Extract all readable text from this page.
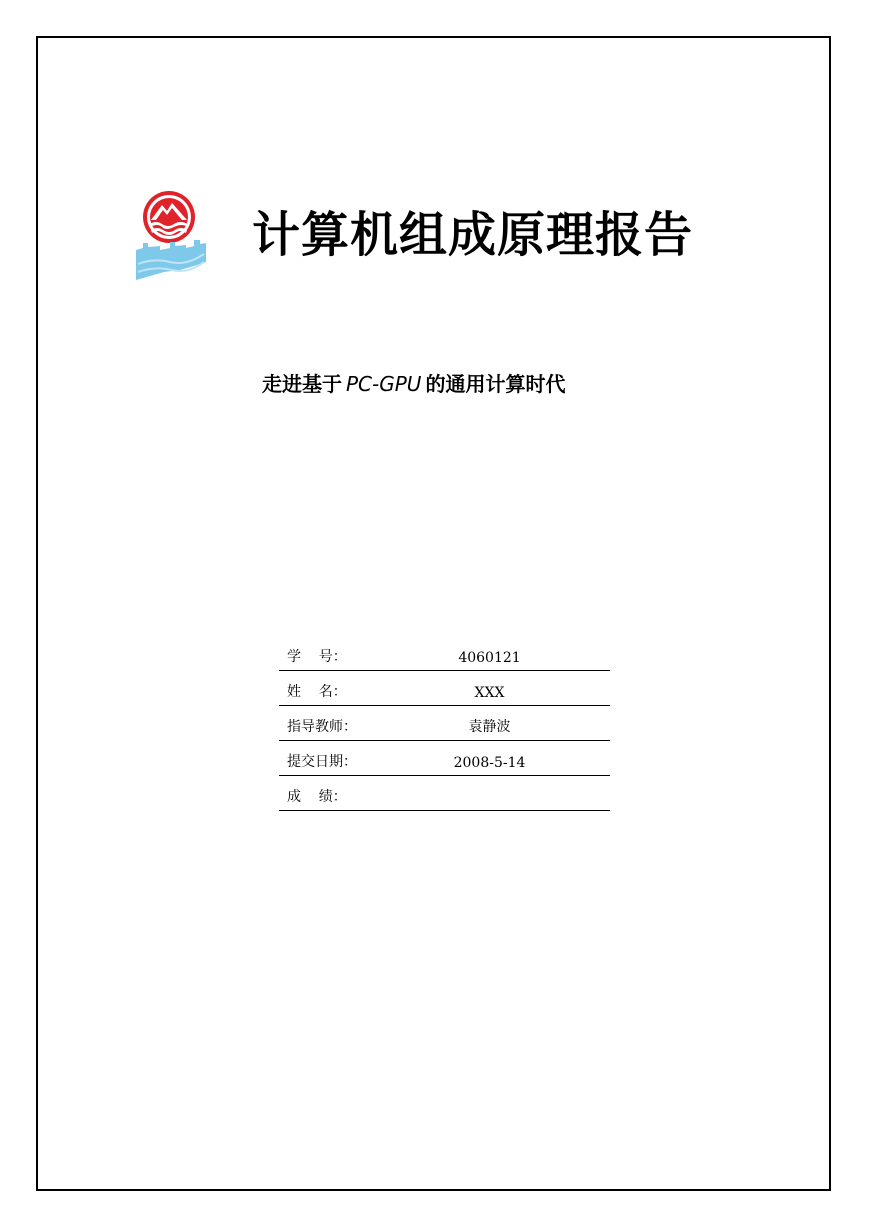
计算机组成原理报告
走进基于 PC-GPU 的通用计算时代
学    号：	4060121
姓    名：	XXX
指导教师：	袁静波
提交日期：	2008-5-14
成    绩：
